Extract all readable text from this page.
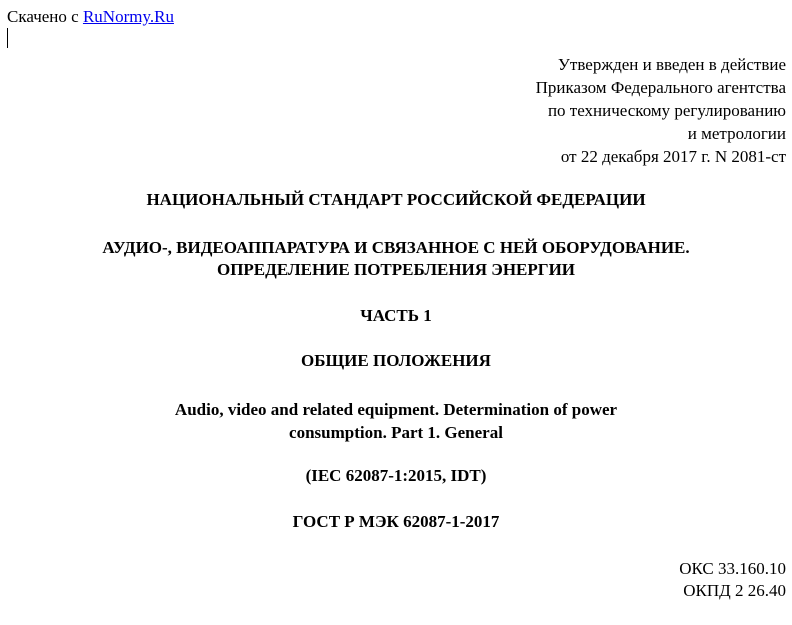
Скачено с RuNormy.Ru
Утвержден и введен в действие
Приказом Федерального агентства
по техническому регулированию
и метрологии
от 22 декабря 2017 г. N 2081-ст
НАЦИОНАЛЬНЫЙ СТАНДАРТ РОССИЙСКОЙ ФЕДЕРАЦИИ
АУДИО-, ВИДЕОАППАРАТУРА И СВЯЗАННОЕ С НЕЙ ОБОРУДОВАНИЕ.
ОПРЕДЕЛЕНИЕ ПОТРЕБЛЕНИЯ ЭНЕРГИИ
ЧАСТЬ 1
ОБЩИЕ ПОЛОЖЕНИЯ
Audio, video and related equipment. Determination of power
consumption. Part 1. General
(IEC 62087-1:2015, IDT)
ГОСТ Р МЭК 62087-1-2017
ОКС 33.160.10
ОКПД 2 26.40
